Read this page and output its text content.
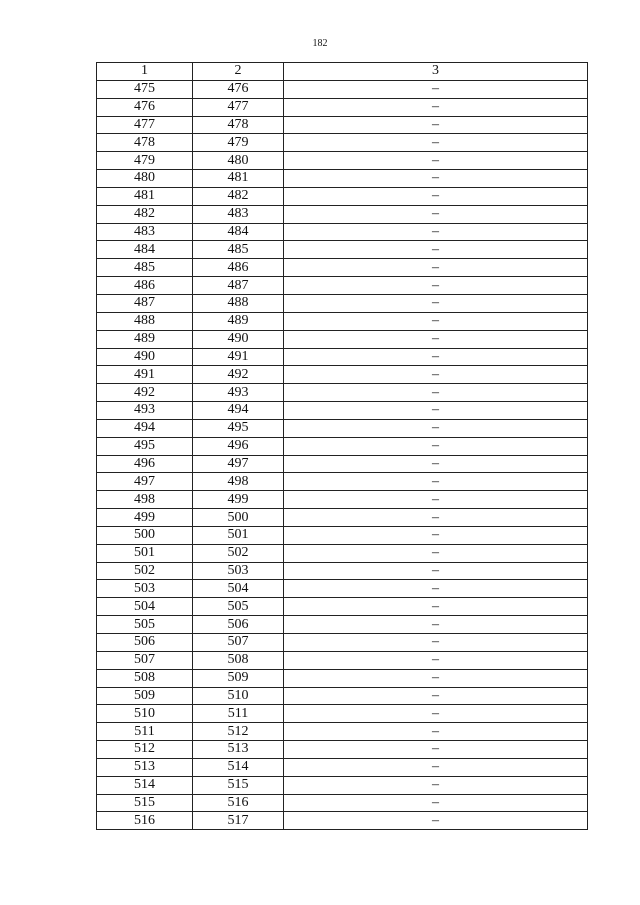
182
1	2	3
475	476	–
476	477	–
477	478	–
478	479	–
479	480	–
480	481	–
481	482	–
482	483	–
483	484	–
484	485	–
485	486	–
486	487	–
487	488	–
488	489	–
489	490	–
490	491	–
491	492	–
492	493	–
493	494	–
494	495	–
495	496	–
496	497	–
497	498	–
498	499	–
499	500	–
500	501	–
501	502	–
502	503	–
503	504	–
504	505	–
505	506	–
506	507	–
507	508	–
508	509	–
509	510	–
510	511	–
511	512	–
512	513	–
513	514	–
514	515	–
515	516	–
516	517	–
